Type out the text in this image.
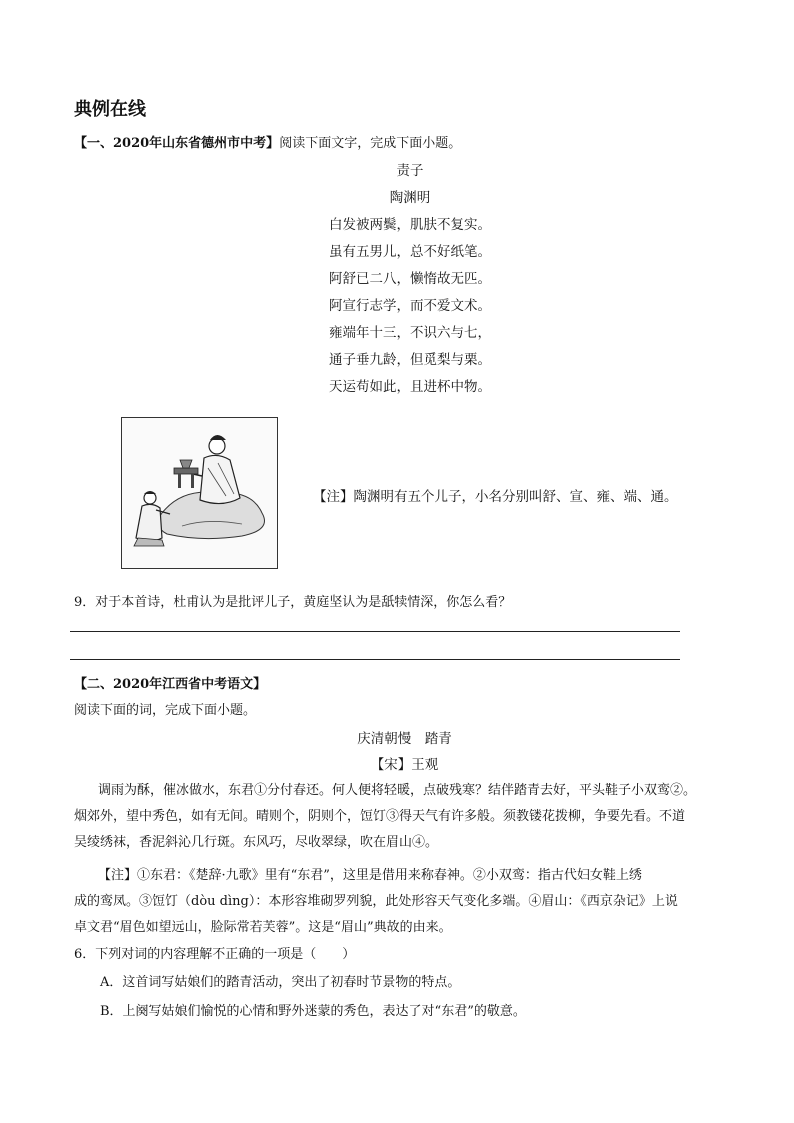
典例在线
【一、2020年山东省德州市中考】阅读下面文字，完成下面小题。
责子
陶渊明
白发被两鬓，肌肤不复实。
虽有五男儿，总不好纸笔。
阿舒已二八，懒惰故无匹。
阿宣行志学，而不爱文术。
雍端年十三，不识六与七，
通子垂九龄，但觅梨与栗。
天运苟如此，且进杯中物。
【注】陶渊明有五个儿子，小名分别叫舒、宣、雍、端、通。
9．对于本首诗，杜甫认为是批评儿子，黄庭坚认为是舐犊情深，你怎么看？
【二、2020年江西省中考语文】
阅读下面的词，完成下面小题。
庆清朝慢　踏青
【宋】王观
调雨为酥，催冰做水，东君①分付春还。何人便将轻暖，点破残寒？结伴踏青去好，平头鞋子小双鸾②。
烟郊外，望中秀色，如有无间。晴则个，阴则个，饾饤③得天气有许多般。须教镂花拨柳，争要先看。不道
吴绫绣袜，香泥斜沁几行斑。东风巧，尽收翠绿，吹在眉山④。
【注】①东君：《楚辞·九歌》里有“东君”，这里是借用来称春神。②小双鸾：指古代妇女鞋上绣
成的鸾凤。③饾饤（dòu dìng）：本形容堆砌罗列貌，此处形容天气变化多端。④眉山：《西京杂记》上说
卓文君“眉色如望远山，脸际常若芙蓉”。这是“眉山”典故的由来。
6．下列对词的内容理解不正确的一项是（　　）
A．这首词写姑娘们的踏青活动，突出了初春时节景物的特点。
B．上阕写姑娘们愉悦的心情和野外迷蒙的秀色，表达了对“东君”的敬意。
